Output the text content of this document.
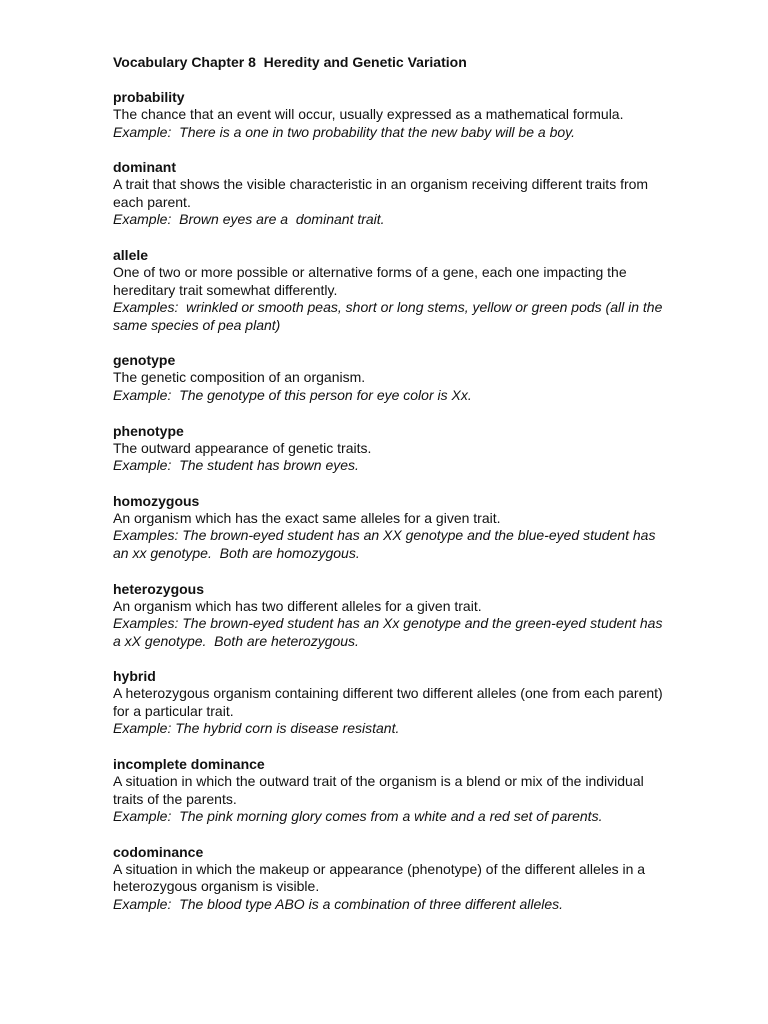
Vocabulary Chapter 8  Heredity and Genetic Variation

probability

The chance that an event will occur, usually expressed as a mathematical formula.

Example:  There is a one in two probability that the new baby will be a boy.

dominant

A trait that shows the visible characteristic in an organism receiving different traits from each parent.

Example:  Brown eyes are a  dominant trait.

allele

One of two or more possible or alternative forms of a gene, each one impacting the hereditary trait somewhat differently.

Examples:  wrinkled or smooth peas, short or long stems, yellow or green pods (all in the same species of pea plant)

genotype

The genetic composition of an organism.

Example:  The genotype of this person for eye color is Xx.

phenotype

The outward appearance of genetic traits.

Example:  The student has brown eyes.

homozygous

An organism which has the exact same alleles for a given trait.

Examples: The brown-eyed student has an XX genotype and the blue-eyed student has an xx genotype.  Both are homozygous.

heterozygous

An organism which has two different alleles for a given trait.

Examples: The brown-eyed student has an Xx genotype and the green-eyed student has a xX genotype.  Both are heterozygous.

hybrid

A heterozygous organism containing different two different alleles (one from each parent) for a particular trait.

Example: The hybrid corn is disease resistant.

incomplete dominance

A situation in which the outward trait of the organism is a blend or mix of the individual traits of the parents.

Example:  The pink morning glory comes from a white and a red set of parents.

codominance

A situation in which the makeup or appearance (phenotype) of the different alleles in a heterozygous organism is visible.

Example:  The blood type ABO is a combination of three different alleles.
